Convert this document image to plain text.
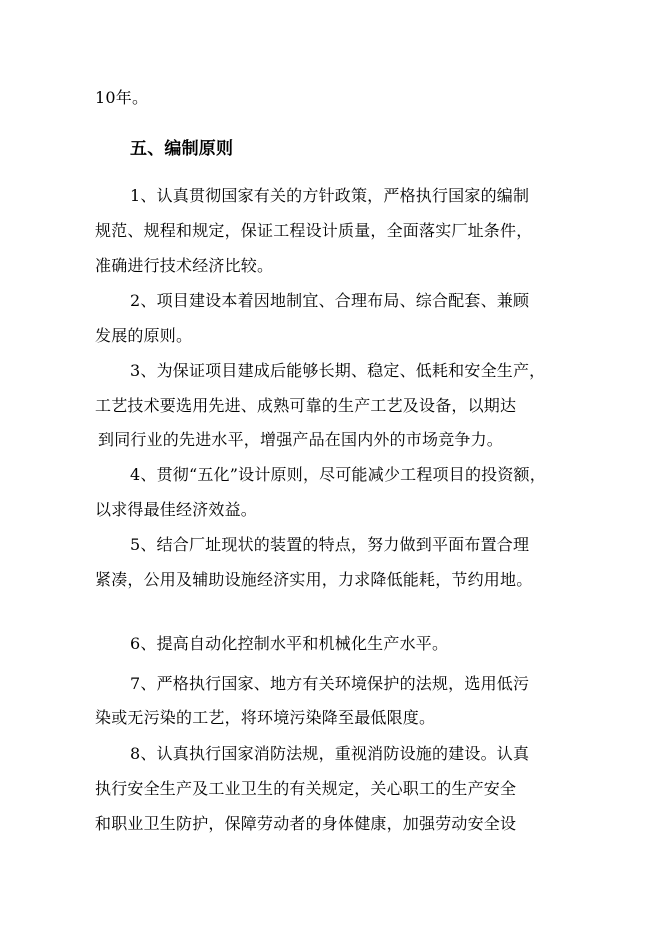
10年。
五、编制原则
1、认真贯彻国家有关的方针政策，严格执行国家的编制
规范、规程和规定，保证工程设计质量，全面落实厂址条件，
准确进行技术经济比较。
2、项目建设本着因地制宜、合理布局、综合配套、兼顾
发展的原则。
3、为保证项目建成后能够长期、稳定、低耗和安全生产，
工艺技术要选用先进、成熟可靠的生产工艺及设备，以期达
到同行业的先进水平，增强产品在国内外的市场竞争力。
4、贯彻“五化”设计原则，尽可能减少工程项目的投资额，
以求得最佳经济效益。
5、结合厂址现状的装置的特点，努力做到平面布置合理
紧凑，公用及辅助设施经济实用，力求降低能耗，节约用地。
6、提高自动化控制水平和机械化生产水平。
7、严格执行国家、地方有关环境保护的法规，选用低污
染或无污染的工艺，将环境污染降至最低限度。
8、认真执行国家消防法规，重视消防设施的建设。认真
执行安全生产及工业卫生的有关规定，关心职工的生产安全
和职业卫生防护，保障劳动者的身体健康，加强劳动安全设
